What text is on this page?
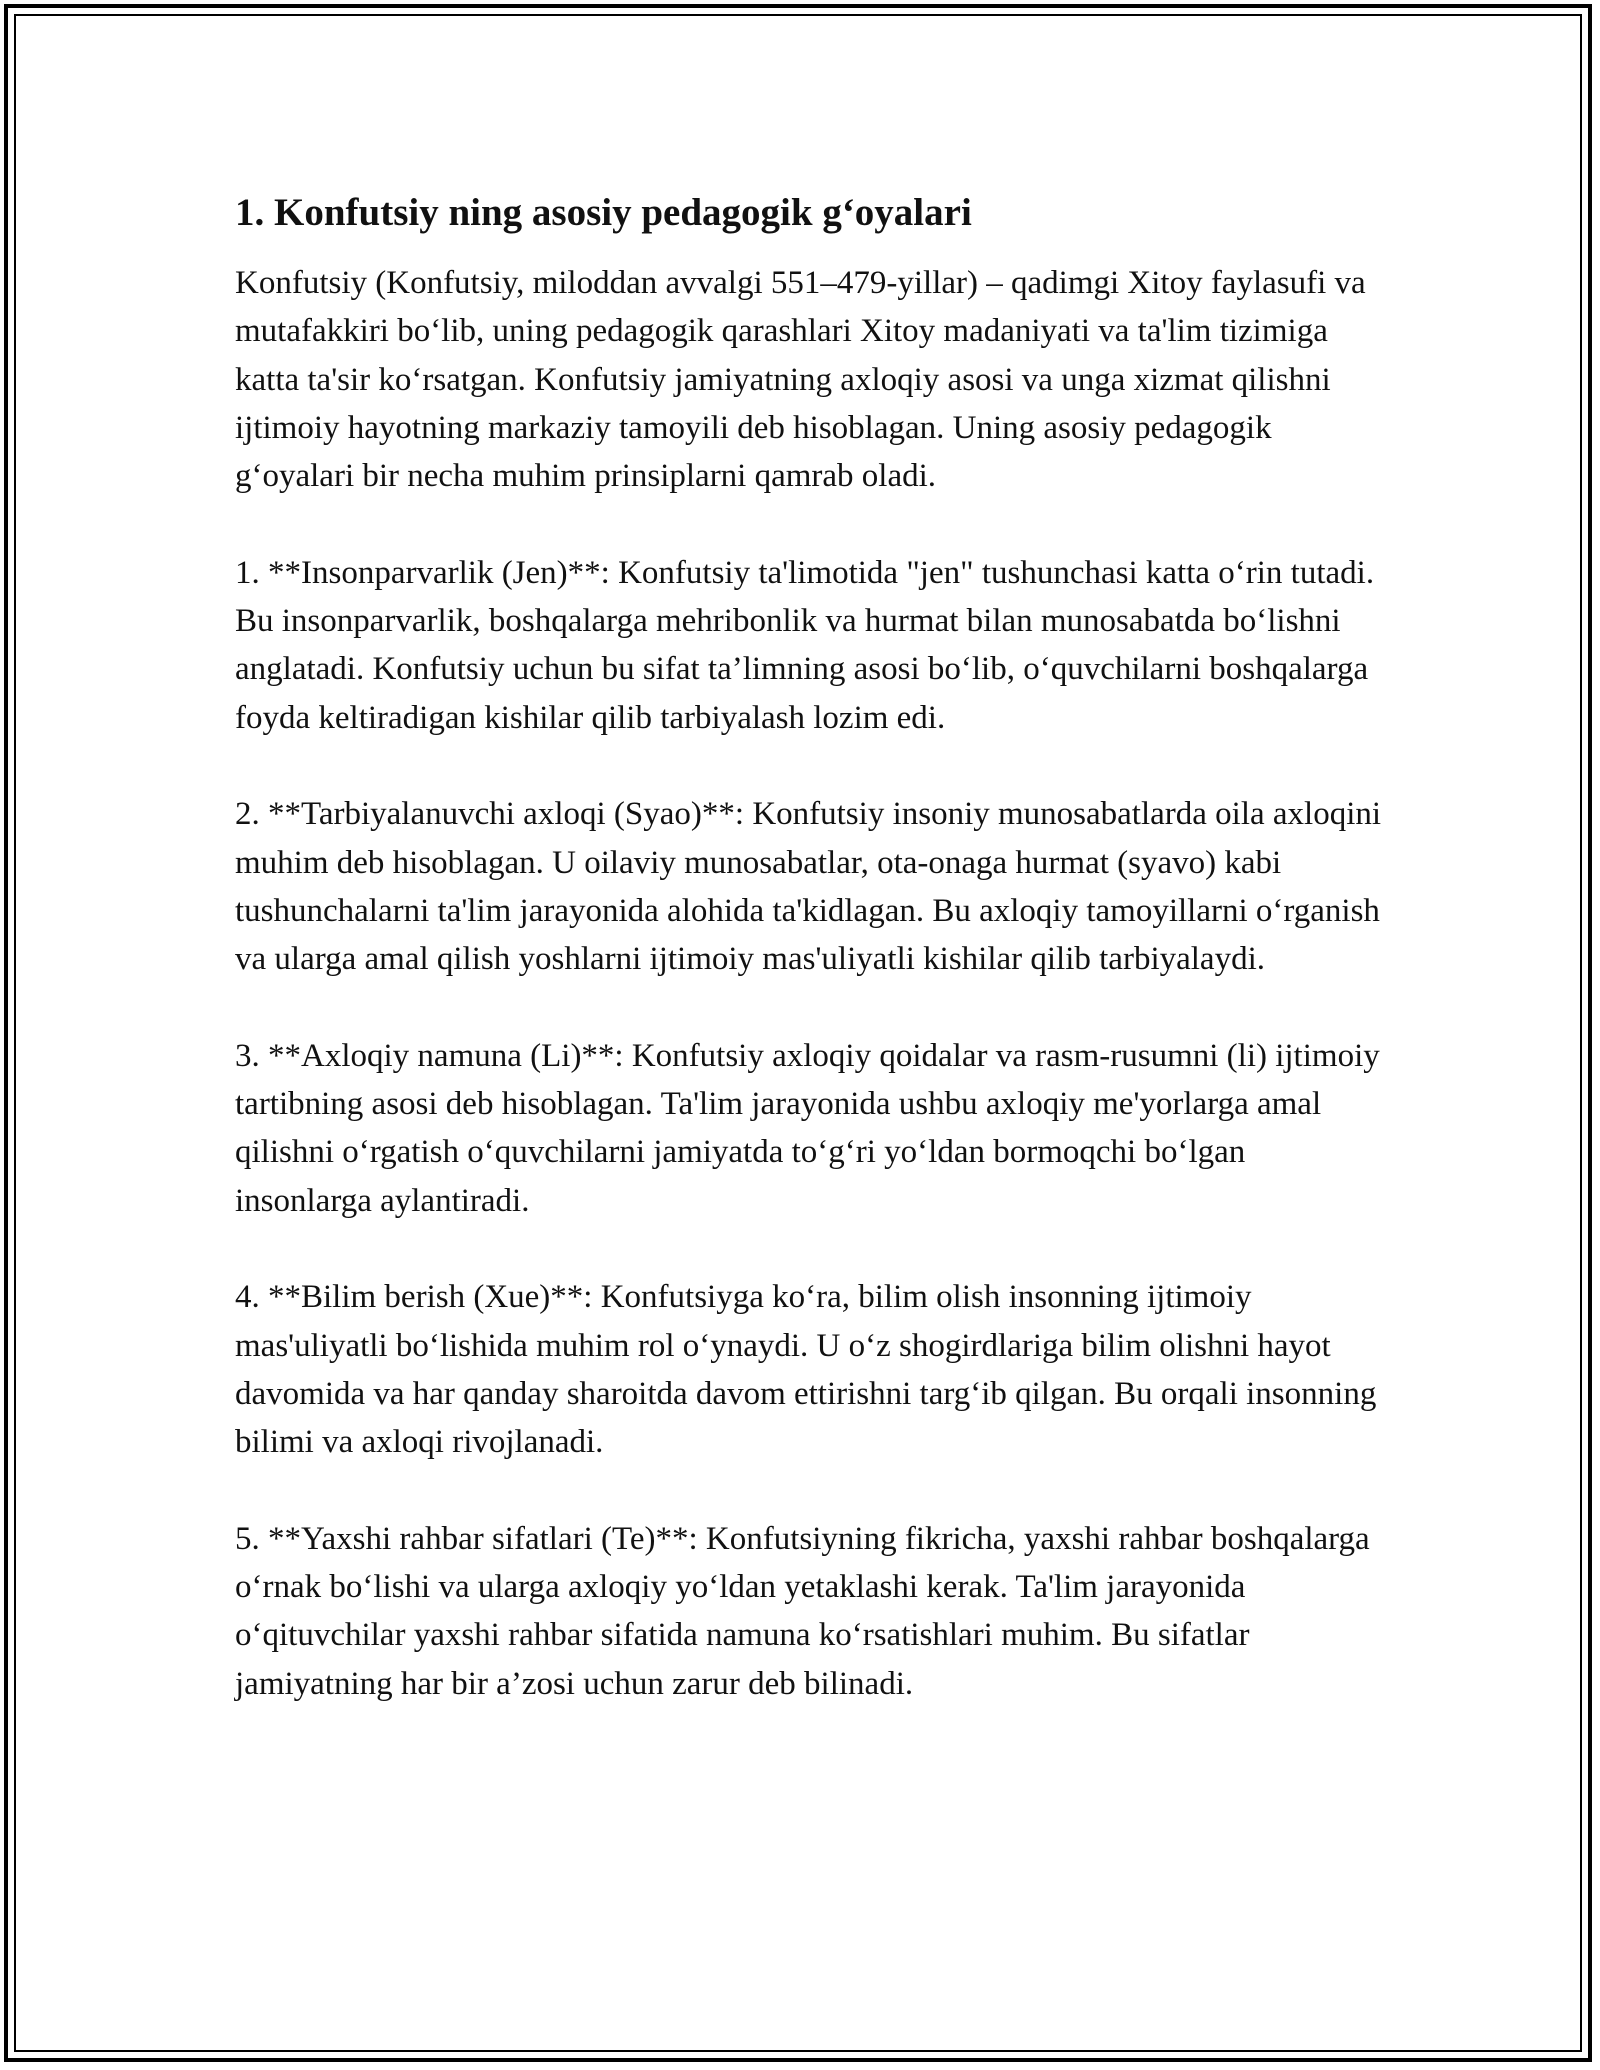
1. Konfutsiy ning asosiy pedagogik g‘oyalari

Konfutsiy (Konfutsiy, miloddan avvalgi 551–479-yillar) – qadimgi Xitoy faylasufi va mutafakkiri bo‘lib, uning pedagogik qarashlari Xitoy madaniyati va ta'lim tizimiga katta ta'sir ko‘rsatgan. Konfutsiy jamiyatning axloqiy asosi va unga xizmat qilishni ijtimoiy hayotning markaziy tamoyili deb hisoblagan. Uning asosiy pedagogik g‘oyalari bir necha muhim prinsiplarni qamrab oladi.

1. **Insonparvarlik (Jen)**: Konfutsiy ta'limotida "jen" tushunchasi katta o‘rin tutadi. Bu insonparvarlik, boshqalarga mehribonlik va hurmat bilan munosabatda bo‘lishni anglatadi. Konfutsiy uchun bu sifat ta’limning asosi bo‘lib, o‘quvchilarni boshqalarga foyda keltiradigan kishilar qilib tarbiyalash lozim edi.

2. **Tarbiyalanuvchi axloqi (Syao)**: Konfutsiy insoniy munosabatlarda oila axloqini muhim deb hisoblagan. U oilaviy munosabatlar, ota-onaga hurmat (syavo) kabi tushunchalarni ta'lim jarayonida alohida ta'kidlagan. Bu axloqiy tamoyillarni o‘rganish va ularga amal qilish yoshlarni ijtimoiy mas'uliyatli kishilar qilib tarbiyalaydi.

3. **Axloqiy namuna (Li)**: Konfutsiy axloqiy qoidalar va rasm-rusumni (li) ijtimoiy tartibning asosi deb hisoblagan. Ta'lim jarayonida ushbu axloqiy me'yorlarga amal qilishni o‘rgatish o‘quvchilarni jamiyatda to‘g‘ri yo‘ldan bormoqchi bo‘lgan insonlarga aylantiradi.

4. **Bilim berish (Xue)**: Konfutsiyga ko‘ra, bilim olish insonning ijtimoiy mas'uliyatli bo‘lishida muhim rol o‘ynaydi. U o‘z shogirdlariga bilim olishni hayot davomida va har qanday sharoitda davom ettirishni targ‘ib qilgan. Bu orqali insonning bilimi va axloqi rivojlanadi.

5. **Yaxshi rahbar sifatlari (Te)**: Konfutsiyning fikricha, yaxshi rahbar boshqalarga o‘rnak bo‘lishi va ularga axloqiy yo‘ldan yetaklashi kerak. Ta'lim jarayonida o‘qituvchilar yaxshi rahbar sifatida namuna ko‘rsatishlari muhim. Bu sifatlar jamiyatning har bir a’zosi uchun zarur deb bilinadi.
